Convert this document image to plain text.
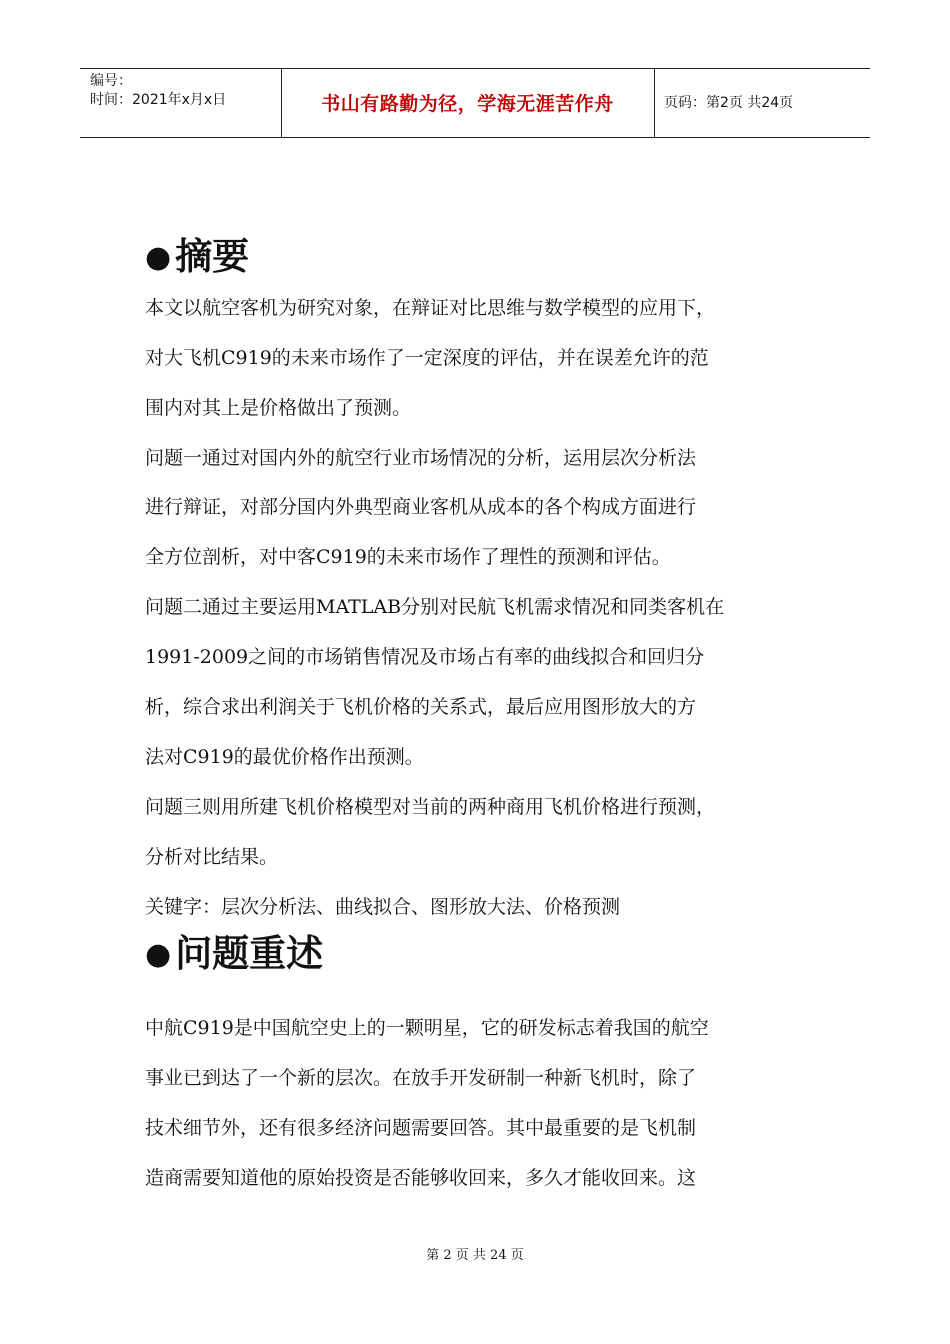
编号：
时间：2021年x月x日	书山有路勤为径，学海无涯苦作舟	页码：第2页 共24页
● 摘要
本文以航空客机为研究对象，在辩证对比思维与数学模型的应用下，
对大飞机C919的未来市场作了一定深度的评估，并在误差允许的范
围内对其上是价格做出了预测。
问题一通过对国内外的航空行业市场情况的分析，运用层次分析法
进行辩证，对部分国内外典型商业客机从成本的各个构成方面进行
全方位剖析，对中客C919的未来市场作了理性的预测和评估。
问题二通过主要运用MATLAB分别对民航飞机需求情况和同类客机在
1991-2009之间的市场销售情况及市场占有率的曲线拟合和回归分
析，综合求出利润关于飞机价格的关系式，最后应用图形放大的方
法对C919的最优价格作出预测。
问题三则用所建飞机价格模型对当前的两种商用飞机价格进行预测，
分析对比结果。
关键字：层次分析法、曲线拟合、图形放大法、价格预测
● 问题重述
中航C919是中国航空史上的一颗明星，它的研发标志着我国的航空
事业已到达了一个新的层次。在放手开发研制一种新飞机时，除了
技术细节外，还有很多经济问题需要回答。其中最重要的是飞机制
造商需要知道他的原始投资是否能够收回来，多久才能收回来。这
第 2 页 共 24 页
